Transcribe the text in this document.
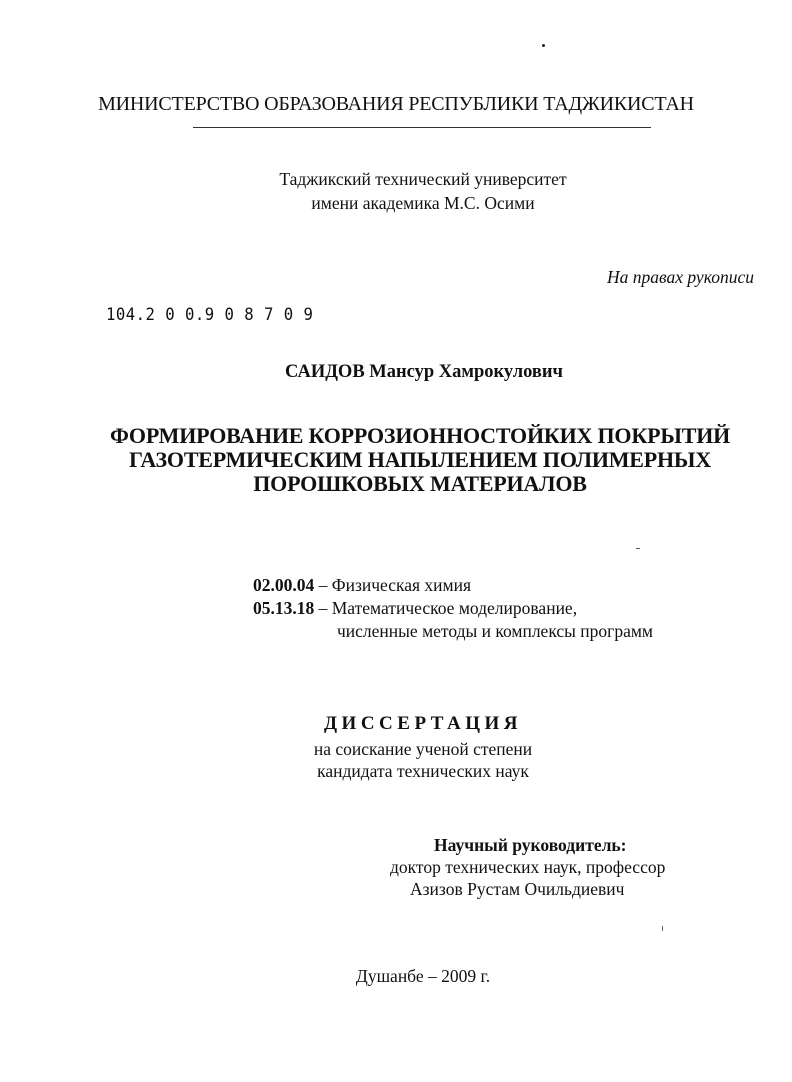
МИНИСТЕРСТВО ОБРАЗОВАНИЯ РЕСПУБЛИКИ ТАДЖИКИСТАН
Таджикский технический университет
имени академика М.С. Осими
На правах рукописи
104.2 0 0.9 0 8 7 0 9
САИДОВ Мансур Хамрокулович
ФОРМИРОВАНИЕ КОРРОЗИОННОСТОЙКИХ ПОКРЫТИЙ
ГАЗОТЕРМИЧЕСКИМ НАПЫЛЕНИЕМ ПОЛИМЕРНЫХ
ПОРОШКОВЫХ МАТЕРИАЛОВ
02.00.04 – Физическая химия
05.13.18 – Математическое моделирование,
численные методы и комплексы программ
ДИССЕРТАЦИЯ
на соискание ученой степени
кандидата технических наук
Научный руководитель:
доктор технических наук, профессор
Азизов Рустам Очильдиевич
Душанбе – 2009 г.
